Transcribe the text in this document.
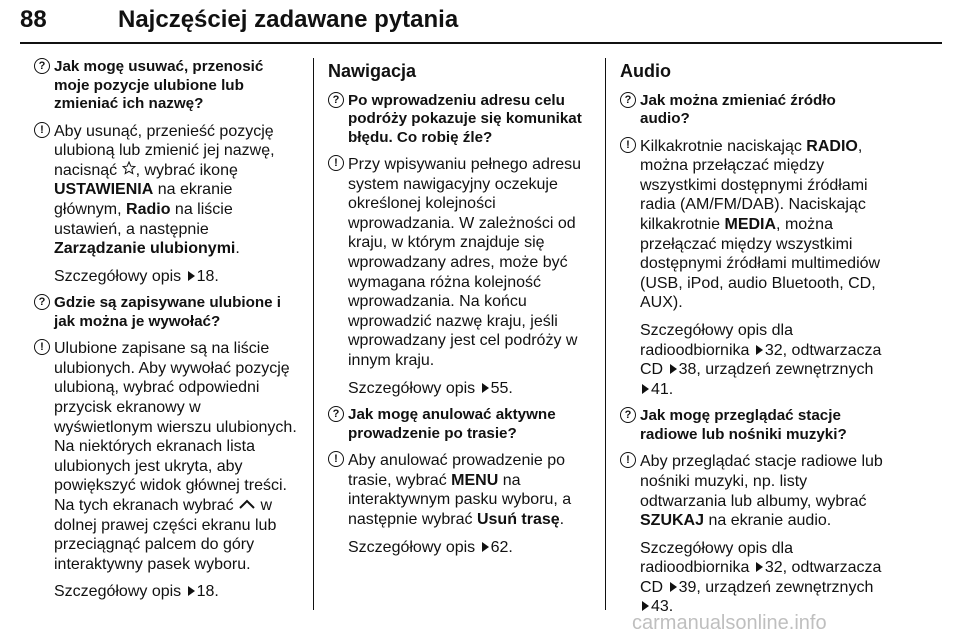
88	Najczęściej zadawane pytania
? Jak mogę usuwać, przenosić moje pozycje ulubione lub zmieniać ich nazwę?

! Aby usunąć, przenieść pozycję ulubioną lub zmienić jej nazwę, nacisnąć , wybrać ikonę USTAWIENIA na ekranie głównym, Radio na liście ustawień, a następnie Zarządzanie ulubionymi.

Szczegółowy opis 18.

? Gdzie są zapisywane ulubione i jak można je wywołać?

! Ulubione zapisane są na liście ulubionych. Aby wywołać pozycję ulubioną, wybrać odpowiedni przycisk ekranowy w wyświetlonym wierszu ulubionych. Na niektórych ekranach lista ulubionych jest ukryta, aby powiększyć widok głównej treści. Na tych ekranach wybrać  w dolnej prawej części ekranu lub przeciągnąć palcem do góry interaktywny pasek wyboru.

Szczegółowy opis 18.

Nawigacja
? Po wprowadzeniu adresu celu podróży pokazuje się komunikat błędu. Co robię źle?

! Przy wpisywaniu pełnego adresu system nawigacyjny oczekuje określonej kolejności wprowadzania. W zależności od kraju, w którym znajduje się wprowadzany adres, może być wymagana różna kolejność wprowadzania. Na końcu wprowadzić nazwę kraju, jeśli wprowadzany jest cel podróży w innym kraju.

Szczegółowy opis 55.

? Jak mogę anulować aktywne prowadzenie po trasie?

! Aby anulować prowadzenie po trasie, wybrać MENU na interaktywnym pasku wyboru, a następnie wybrać Usuń trasę.

Szczegółowy opis 62.

Audio
? Jak można zmieniać źródło audio?

! Kilkakrotnie naciskając RADIO, można przełączać między wszystkimi dostępnymi źródłami radia (AM/FM/DAB). Naciskając kilkakrotnie MEDIA, można przełączać między wszystkimi dostępnymi źródłami multimediów (USB, iPod, audio Bluetooth, CD, AUX).

Szczegółowy opis dla radioodbiornika 32, odtwarzacza CD 38, urządzeń zewnętrznych 41.

? Jak mogę przeglądać stacje radiowe lub nośniki muzyki?

! Aby przeglądać stacje radiowe lub nośniki muzyki, np. listy odtwarzania lub albumy, wybrać SZUKAJ na ekranie audio.

Szczegółowy opis dla radioodbiornika 32, odtwarzacza CD 39, urządzeń zewnętrznych 43.

carmanualsonline.info
